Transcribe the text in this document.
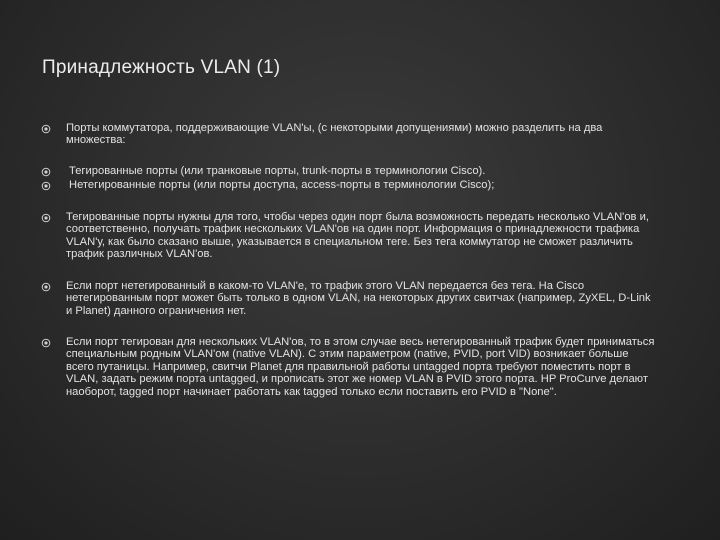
Принадлежность VLAN (1)
Порты коммутатора, поддерживающие VLAN'ы, (с некоторыми допущениями) можно разделить на два множества:
Тегированные порты (или транковые порты, trunk-порты в терминологии Cisco).
Нетегированные порты (или порты доступа, access-порты в терминологии Cisco);
Тегированные порты нужны для того, чтобы через один порт была возможность передать несколько VLAN'ов и, соответственно, получать трафик нескольких VLAN'ов на один порт. Информация о принадлежности трафика VLAN'у, как было сказано выше, указывается в специальном теге. Без тега коммутатор не сможет различить трафик различных VLAN'ов.
Если порт нетегированный в каком-то VLAN'е, то трафик этого VLAN передается без тега. На Cisco нетегированным порт может быть только в одном VLAN, на некоторых других свитчах (например, ZyXEL, D-Link и Planet) данного ограничения нет.
Если порт тегирован для нескольких VLAN'ов, то в этом случае весь нетегированный трафик будет приниматься специальным родным VLAN'ом (native VLAN). С этим параметром (native, PVID, port VID) возникает больше всего путаницы. Например, свитчи Planet для правильной работы untagged порта требуют поместить порт в VLAN, задать режим порта untagged, и прописать этот же номер VLAN в PVID этого порта. HP ProCurve делают наоборот, tagged порт начинает работать как tagged только если поставить его PVID в "None".
